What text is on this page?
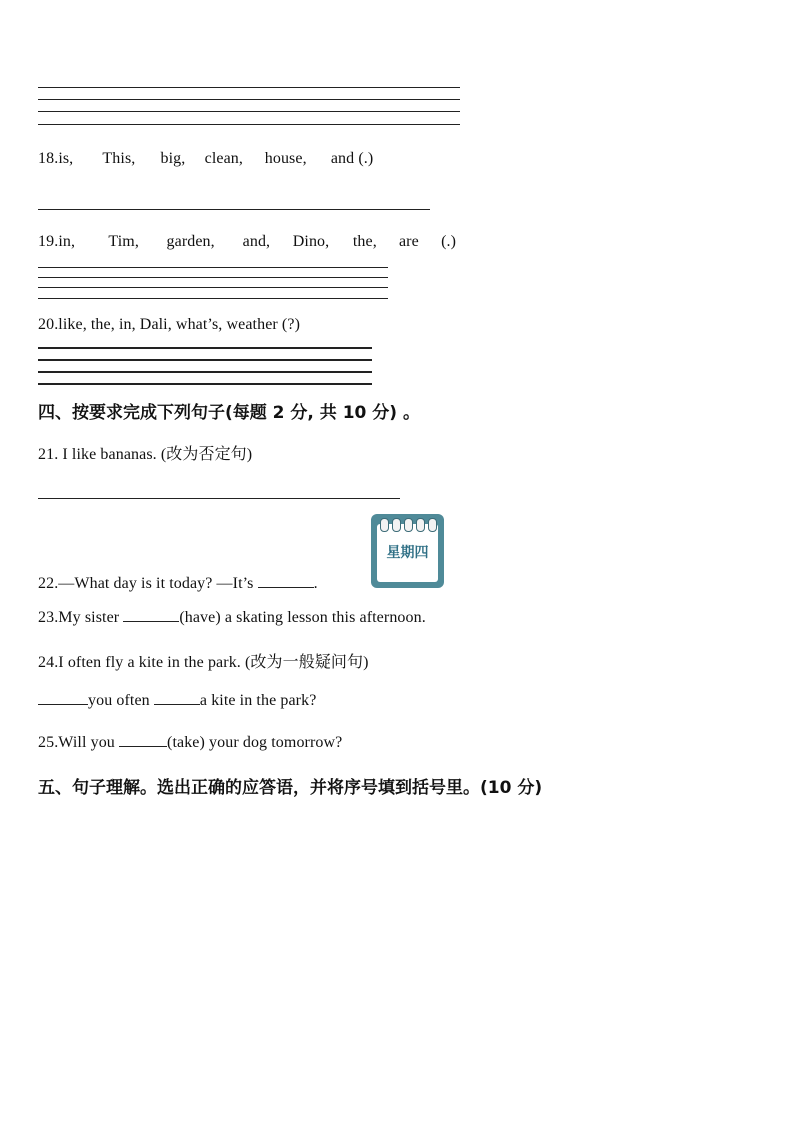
18.is, This, big, clean, house, and (.)
19.in, Tim, garden, and, Dino, the, are (.)
20.like, the, in, Dali, what’s, weather (?)
四、按要求完成下列句子(每题 2 分, 共 10 分) 。
21. I like bananas. (改为否定句)
星期四
22.—What day is it today? —It’s	.
23.My sister	(have) a skating lesson this afternoon.
24.I often fly a kite in the park. (改为一般疑问句)
you often	a kite in the park?
25.Will you	(take) your dog tomorrow?
五、句子理解。选出正确的应答语，并将序号填到括号里。(10 分)
